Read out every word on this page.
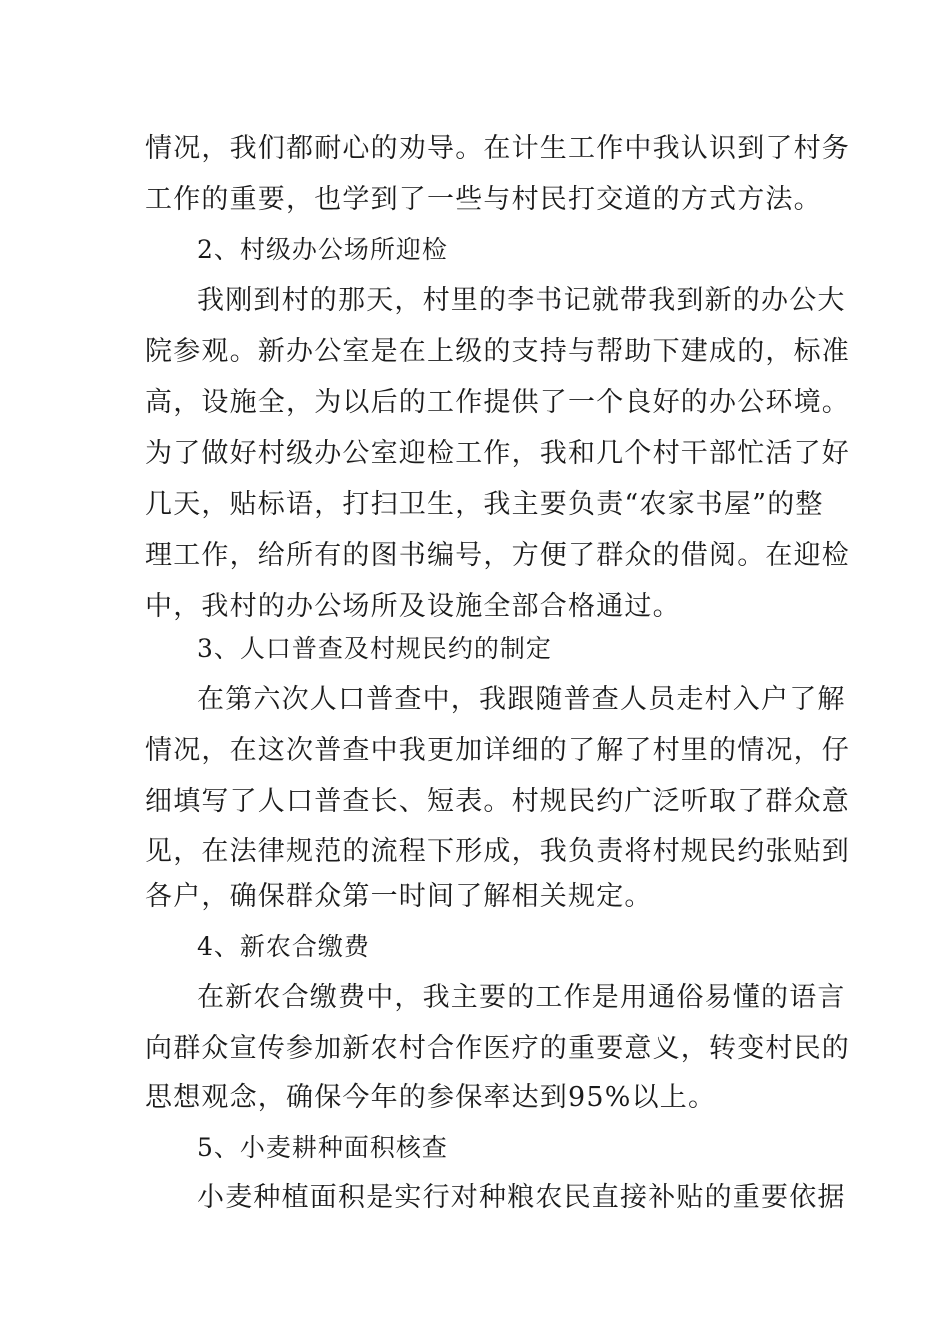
情况，我们都耐心的劝导。在计生工作中我认识到了村务
工作的重要，也学到了一些与村民打交道的方式方法。
2、村级办公场所迎检
我刚到村的那天，村里的李书记就带我到新的办公大
院参观。新办公室是在上级的支持与帮助下建成的，标准
高，设施全，为以后的工作提供了一个良好的办公环境。
为了做好村级办公室迎检工作，我和几个村干部忙活了好
几天，贴标语，打扫卫生，我主要负责“农家书屋”的整
理工作，给所有的图书编号，方便了群众的借阅。在迎检
中，我村的办公场所及设施全部合格通过。
3、人口普查及村规民约的制定
在第六次人口普查中，我跟随普查人员走村入户了解
情况，在这次普查中我更加详细的了解了村里的情况，仔
细填写了人口普查长、短表。村规民约广泛听取了群众意
见，在法律规范的流程下形成，我负责将村规民约张贴到
各户，确保群众第一时间了解相关规定。
4、新农合缴费
在新农合缴费中，我主要的工作是用通俗易懂的语言
向群众宣传参加新农村合作医疗的重要意义，转变村民的
思想观念，确保今年的参保率达到95%以上。
5、小麦耕种面积核查
小麦种植面积是实行对种粮农民直接补贴的重要依据
